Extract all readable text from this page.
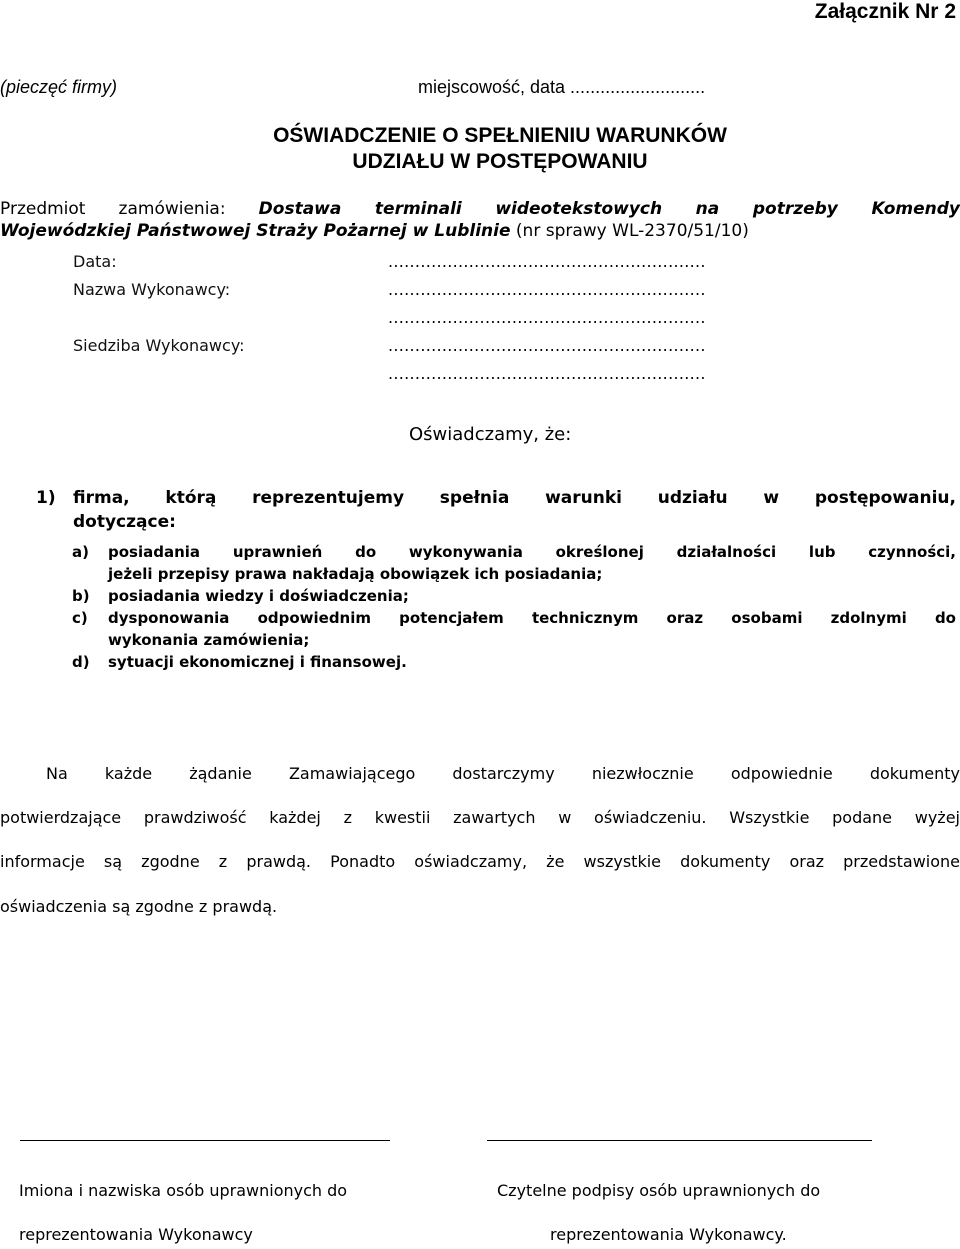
Załącznik Nr 2
(pieczęć firmy)	miejscowość, data ...........................
OŚWIADCZENIE O SPEŁNIENIU WARUNKÓW
UDZIAŁU W POSTĘPOWANIU
Przedmiot zamówienia: Dostawa terminali wideotekstowych na potrzeby Komendy
Wojewódzkiej Państwowej Straży Pożarnej w Lublinie (nr sprawy WL-2370/51/10)
Data:	...........................................................
Nazwa Wykonawcy:	...........................................................
...........................................................
Siedziba Wykonawcy:	...........................................................
...........................................................
Oświadczamy, że:
1) firma, którą reprezentujemy spełnia warunki udziału w postępowaniu,
dotyczące:
a) posiadania uprawnień do wykonywania określonej działalności lub czynności,
jeżeli przepisy prawa nakładają obowiązek ich posiadania;
b) posiadania wiedzy i doświadczenia;
c) dysponowania odpowiednim potencjałem technicznym oraz osobami zdolnymi do
wykonania zamówienia;
d) sytuacji ekonomicznej i finansowej.
Na każde żądanie Zamawiającego dostarczymy niezwłocznie odpowiednie dokumenty
potwierdzające prawdziwość każdej z kwestii zawartych w oświadczeniu. Wszystkie podane wyżej
informacje są zgodne z prawdą. Ponadto oświadczamy, że wszystkie dokumenty oraz przedstawione
oświadczenia są zgodne z prawdą.
Imiona i nazwiska osób uprawnionych do
reprezentowania Wykonawcy
Czytelne podpisy osób uprawnionych do
reprezentowania Wykonawcy.
